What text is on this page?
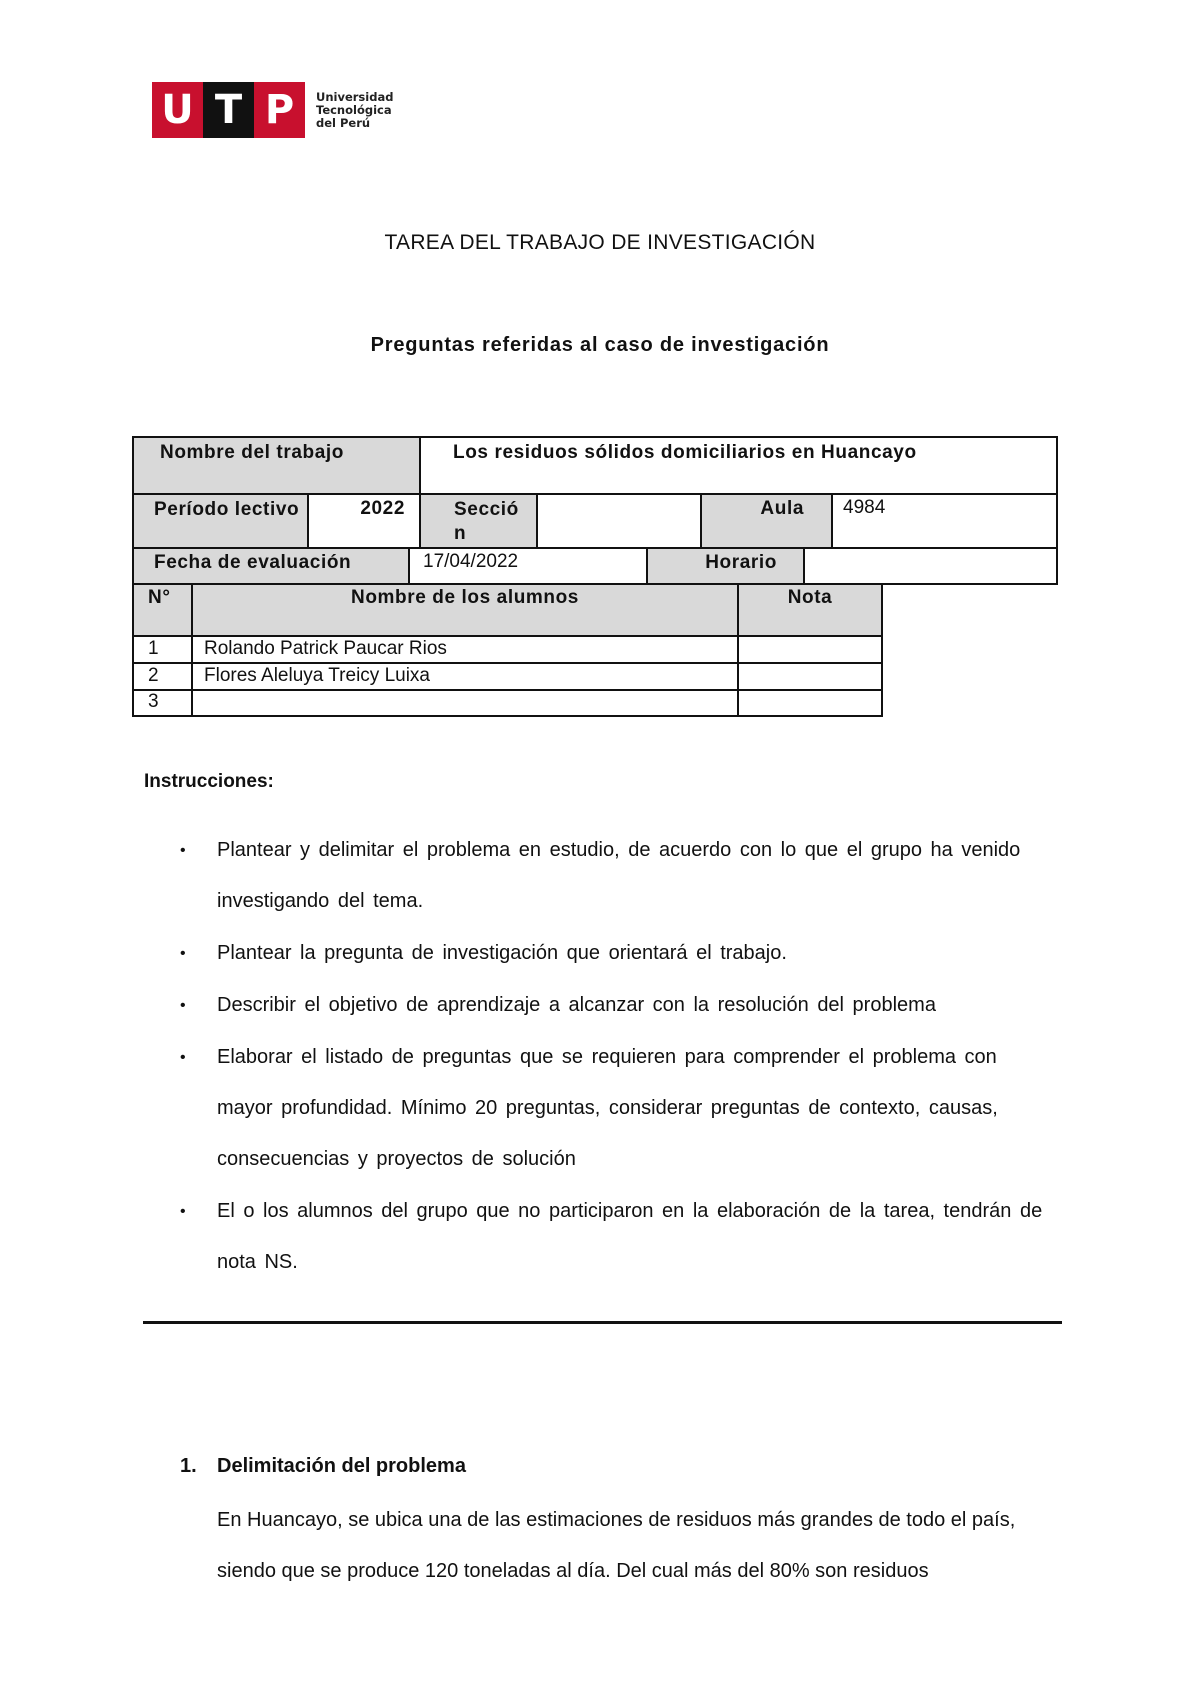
U T P	Universidad
Tecnológica
del Perú
TAREA DEL TRABAJO DE INVESTIGACIÓN
Preguntas referidas al caso de investigación
Nombre del trabajo	Los residuos sólidos domiciliarios en Huancayo
Período lectivo	2022	Sección		Aula	4984
Fecha de evaluación	17/04/2022	Horario	
N°	Nombre de los alumnos	Nota
1	Rolando Patrick Paucar Rios	
2	Flores Aleluya Treicy Luixa	
3		
Instrucciones:
• Plantear y delimitar el problema en estudio, de acuerdo con lo que el grupo ha venido investigando del tema.
• Plantear la pregunta de investigación que orientará el trabajo.
• Describir el objetivo de aprendizaje a alcanzar con la resolución del problema
• Elaborar el listado de preguntas que se requieren para comprender el problema con mayor profundidad. Mínimo 20 preguntas, considerar preguntas de contexto, causas, consecuencias y proyectos de solución
• El o los alumnos del grupo que no participaron en la elaboración de la tarea, tendrán de nota NS.
1. Delimitación del problema

En Huancayo, se ubica una de las estimaciones de residuos más grandes de todo el país, siendo que se produce 120 toneladas al día. Del cual más del 80% son residuos
